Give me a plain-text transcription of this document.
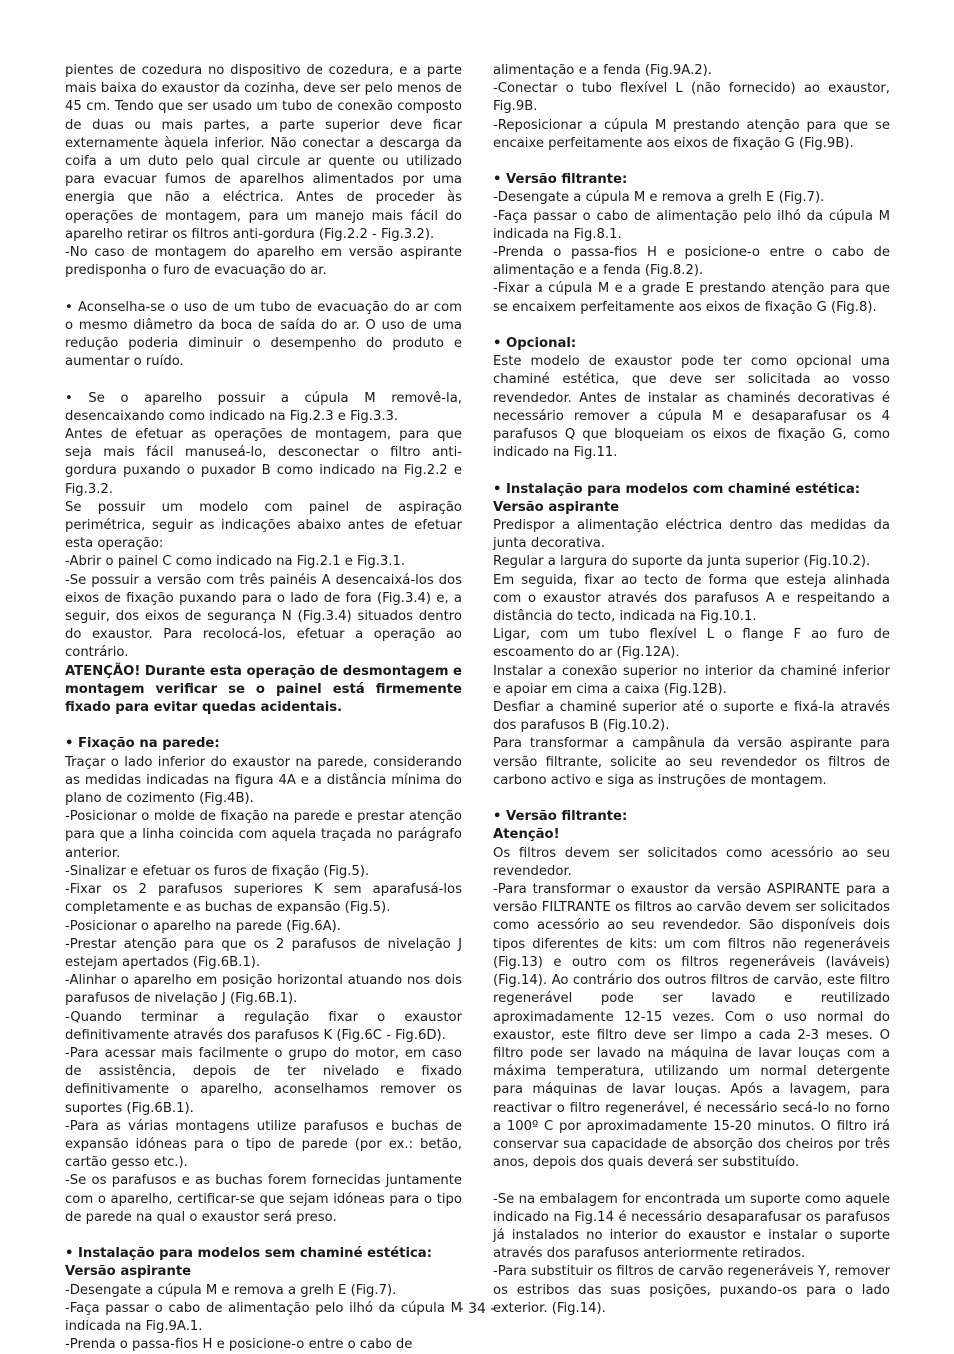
pientes de cozedura no dispositivo de cozedura, e a parte mais baixa do exaustor da cozinha, deve ser pelo menos de 45 cm. Tendo que ser usado um tubo de conexão composto de duas ou mais partes, a parte superior deve ficar externamente àquela inferior. Não conectar a descarga da coifa a um duto pelo qual circule ar quente ou utilizado para evacuar fumos de aparelhos alimentados por uma energia que não a eléctrica. Antes de proceder às operações de montagem, para um manejo mais fácil do aparelho retirar os filtros anti-gordura (Fig.2.2 - Fig.3.2).
-No caso de montagem do aparelho em versão aspirante predisponha o furo de evacuação do ar.
• Aconselha-se o uso de um tubo de evacuação do ar com o mesmo diâmetro da boca de saída do ar. O uso de uma redução poderia diminuir o desempenho do produto e aumentar o ruído.
• Se o aparelho possuir a cúpula M removê-la, desencaixando como indicado na Fig.2.3 e Fig.3.3.
Antes de efetuar as operações de montagem, para que seja mais fácil manuseá-lo, desconectar o filtro anti-gordura puxando o puxador B como indicado na Fig.2.2 e Fig.3.2.
Se possuir um modelo com painel de aspiração perimétrica, seguir as indicações abaixo antes de efetuar esta operação:
-Abrir o painel C como indicado na Fig.2.1 e Fig.3.1.
-Se possuir a versão com três painéis A desencaixá-los dos eixos de fixação puxando para o lado de fora (Fig.3.4) e, a seguir, dos eixos de segurança N (Fig.3.4) situados dentro do exaustor. Para recolocá-los, efetuar a operação ao contrário.
ATENÇÃO! Durante esta operação de desmontagem e montagem verificar se o painel está firmemente fixado para evitar quedas acidentais.
• Fixação na parede:
Traçar o lado inferior do exaustor na parede, considerando as medidas indicadas na figura 4A e a distância mínima do plano de cozimento (Fig.4B).
-Posicionar o molde de fixação na parede e prestar atenção para que a linha coincida com aquela traçada no parágrafo anterior.
-Sinalizar e efetuar os furos de fixação (Fig.5).
-Fixar os 2 parafusos superiores K sem aparafusá-los completamente e as buchas de expansão (Fig.5).
-Posicionar o aparelho na parede (Fig.6A).
-Prestar atenção para que os 2 parafusos de nivelação J estejam apertados (Fig.6B.1).
-Alinhar o aparelho em posição horizontal atuando nos dois parafusos de nivelação J (Fig.6B.1).
-Quando terminar a regulação fixar o exaustor definitivamente através dos parafusos K (Fig.6C - Fig.6D).
-Para acessar mais facilmente o grupo do motor, em caso de assistência, depois de ter nivelado e fixado definitivamente o aparelho, aconselhamos remover os suportes (Fig.6B.1).
-Para as várias montagens utilize parafusos e buchas de expansão idóneas para o tipo de parede (por ex.: betão, cartão gesso etc.).
-Se os parafusos e as buchas forem fornecidas juntamente com o aparelho, certificar-se que sejam idóneas para o tipo de parede na qual o exaustor será preso.
• Instalação para modelos sem chaminé estética:
Versão aspirante
-Desengate a cúpula M e remova a grelh E (Fig.7).
-Faça passar o cabo de alimentação pelo ilhó da cúpula M indicada na Fig.9A.1.
-Prenda o passa-fios H e posicione-o entre o cabo de
alimentação e a fenda (Fig.9A.2).
-Conectar o tubo flexível L (não fornecido) ao exaustor, Fig.9B.
-Reposicionar a cúpula M prestando atenção para que se encaixe perfeitamente aos eixos de fixação G (Fig.9B).
• Versão filtrante:
-Desengate a cúpula M e remova a grelh E (Fig.7).
-Faça passar o cabo de alimentação pelo ilhó da cúpula M indicada na Fig.8.1.
-Prenda o passa-fios H e posicione-o entre o cabo de alimentação e a fenda (Fig.8.2).
-Fixar a cúpula M e a grade E prestando atenção para que se encaixem perfeitamente aos eixos de fixação G (Fig.8).
• Opcional:
Este modelo de exaustor pode ter como opcional uma chaminé estética, que deve ser solicitada ao vosso revendedor. Antes de instalar as chaminés decorativas é necessário remover a cúpula M e desaparafusar os 4 parafusos Q que bloqueiam os eixos de fixação G, como indicado na Fig.11.
• Instalação para modelos com chaminé estética:
Versão aspirante
Predispor a alimentação eléctrica dentro das medidas da junta decorativa.
Regular a largura do suporte da junta superior (Fig.10.2).
Em seguida, fixar ao tecto de forma que esteja alinhada com o exaustor através dos parafusos A e respeitando a distância do tecto, indicada na Fig.10.1.
Ligar, com um tubo flexível L o flange F ao furo de escoamento do ar (Fig.12A).
Instalar a conexão superior no interior da chaminé inferior e apoiar em cima a caixa (Fig.12B).
Desfiar a chaminé superior até o suporte e fixá-la através dos parafusos B (Fig.10.2).
Para transformar a campânula da versão aspirante para versão filtrante, solicite ao seu revendedor os filtros de carbono activo e siga as instruções de montagem.
• Versão filtrante:
Atenção!
Os filtros devem ser solicitados como acessório ao seu revendedor.
-Para transformar o exaustor da versão ASPIRANTE para a versão FILTRANTE os filtros ao carvão devem ser solicitados como acessório ao seu revendedor. São disponíveis dois tipos diferentes de kits: um com filtros não regeneráveis (Fig.13) e outro com os filtros regeneráveis (laváveis) (Fig.14). Ao contrário dos outros filtros de carvão, este filtro regenerável pode ser lavado e reutilizado aproximadamente 12-15 vezes. Com o uso normal do exaustor, este filtro deve ser limpo a cada 2-3 meses. O filtro pode ser lavado na máquina de lavar louças com a máxima temperatura, utilizando um normal detergente para máquinas de lavar louças. Após a lavagem, para reactivar o filtro regenerável, é necessário secá-lo no forno a 100º C por aproximadamente 15-20 minutos. O filtro irá conservar sua capacidade de absorção dos cheiros por três anos, depois dos quais deverá ser substituído.
-Se na embalagem for encontrada um suporte como aquele indicado na Fig.14 é necessário desaparafusar os parafusos já instalados no interior do exaustor e instalar o suporte através dos parafusos anteriormente retirados.
-Para substituir os filtros de carvão regeneráveis Y, remover os estribos das suas posições, puxando-os para o lado exterior. (Fig.14).
- 34 -
